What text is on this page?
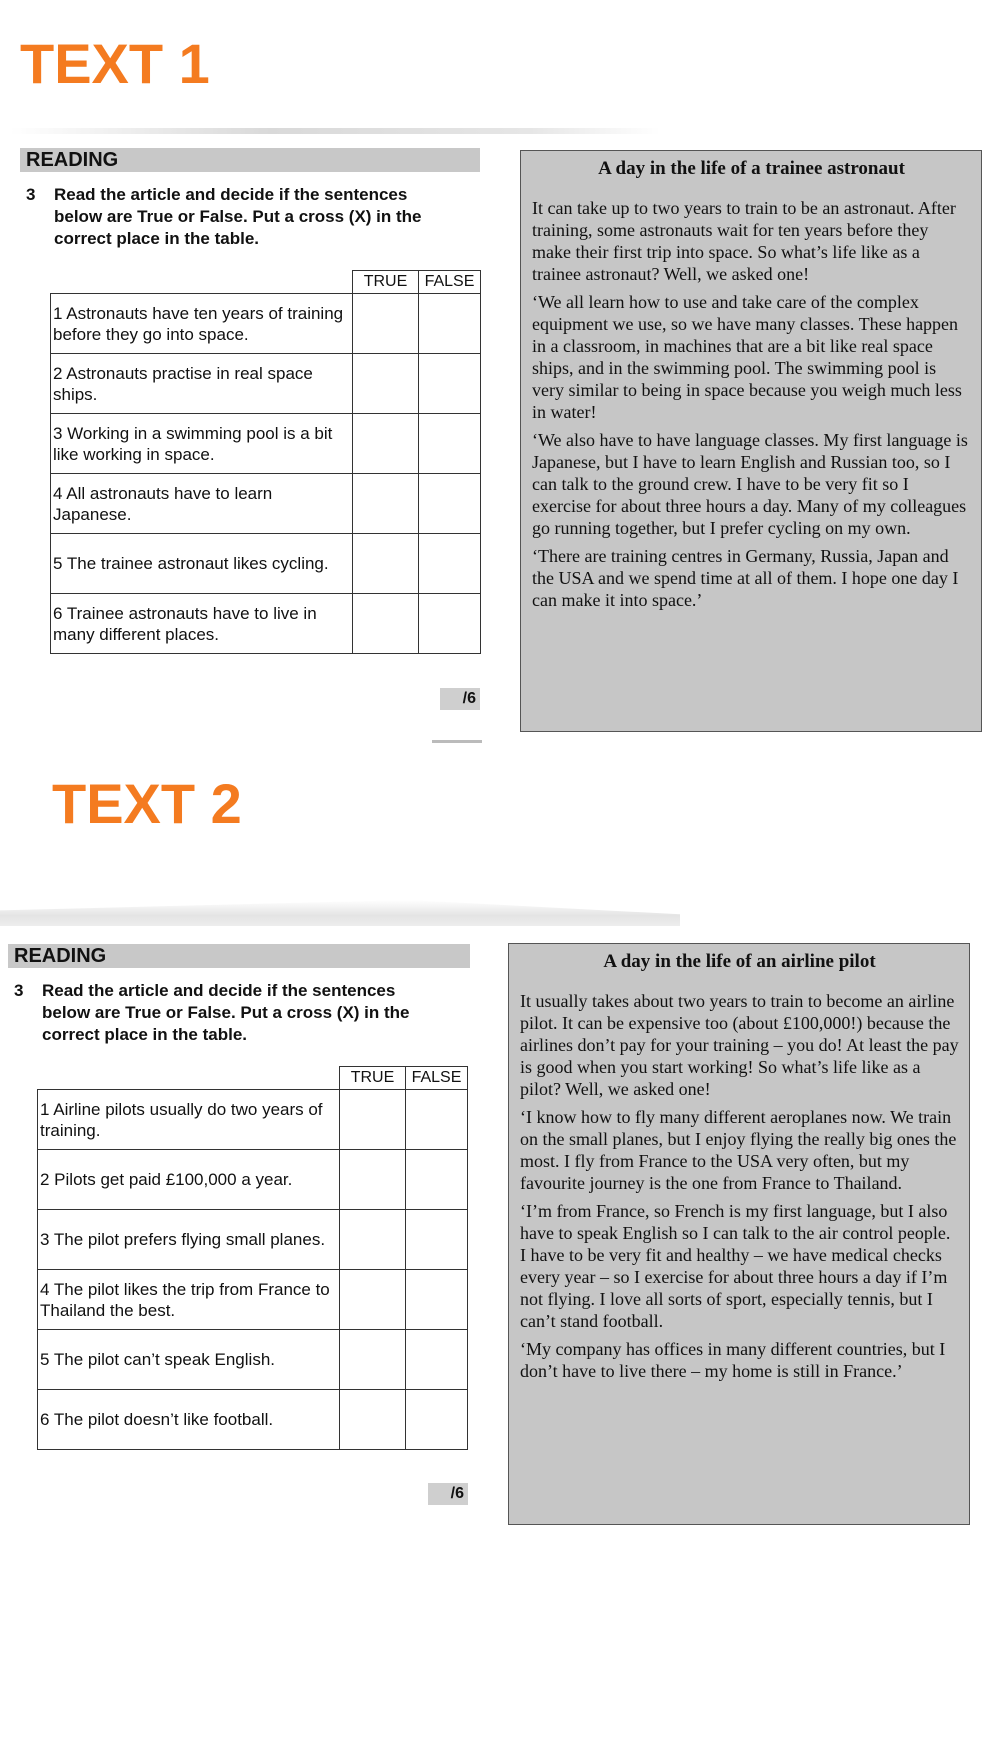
TEXT 1
READING
3 Read the article and decide if the sentences below are True or False. Put a cross (X) in the correct place in the table.
	TRUE	FALSE
1 Astronauts have ten years of training before they go into space.		
2 Astronauts practise in real space ships.		
3 Working in a swimming pool is a bit like working in space.		
4 All astronauts have to learn Japanese.		
5 The trainee astronaut likes cycling.		
6 Trainee astronauts have to live in many different places.		
/6
A day in the life of a trainee astronaut

It can take up to two years to train to be an astronaut. After training, some astronauts wait for ten years before they make their first trip into space. So what’s life like as a trainee astronaut? Well, we asked one!

‘We all learn how to use and take care of the complex equipment we use, so we have many classes. These happen in a classroom, in machines that are a bit like real space ships, and in the swimming pool. The swimming pool is very similar to being in space because you weigh much less in water!

‘We also have to have language classes. My first language is Japanese, but I have to learn English and Russian too, so I can talk to the ground crew. I have to be very fit so I exercise for about three hours a day. Many of my colleagues go running together, but I prefer cycling on my own.

‘There are training centres in Germany, Russia, Japan and the USA and we spend time at all of them. I hope one day I can make it into space.’

TEXT 2
READING
3 Read the article and decide if the sentences below are True or False. Put a cross (X) in the correct place in the table.
	TRUE	FALSE
1 Airline pilots usually do two years of training.		
2 Pilots get paid £100,000 a year.		
3 The pilot prefers flying small planes.		
4 The pilot likes the trip from France to Thailand the best.		
5 The pilot can’t speak English.		
6 The pilot doesn’t like football.		
/6
A day in the life of an airline pilot

It usually takes about two years to train to become an airline pilot. It can be expensive too (about £100,000!) because the airlines don’t pay for your training – you do! At least the pay is good when you start working! So what’s life like as a pilot? Well, we asked one!

‘I know how to fly many different aeroplanes now. We train on the small planes, but I enjoy flying the really big ones the most. I fly from France to the USA very often, but my favourite journey is the one from France to Thailand.

‘I’m from France, so French is my first language, but I also have to speak English so I can talk to the air control people. I have to be very fit and healthy – we have medical checks every year – so I exercise for about three hours a day if I’m not flying. I love all sorts of sport, especially tennis, but I can’t stand football.

‘My company has offices in many different countries, but I don’t have to live there – my home is still in France.’
